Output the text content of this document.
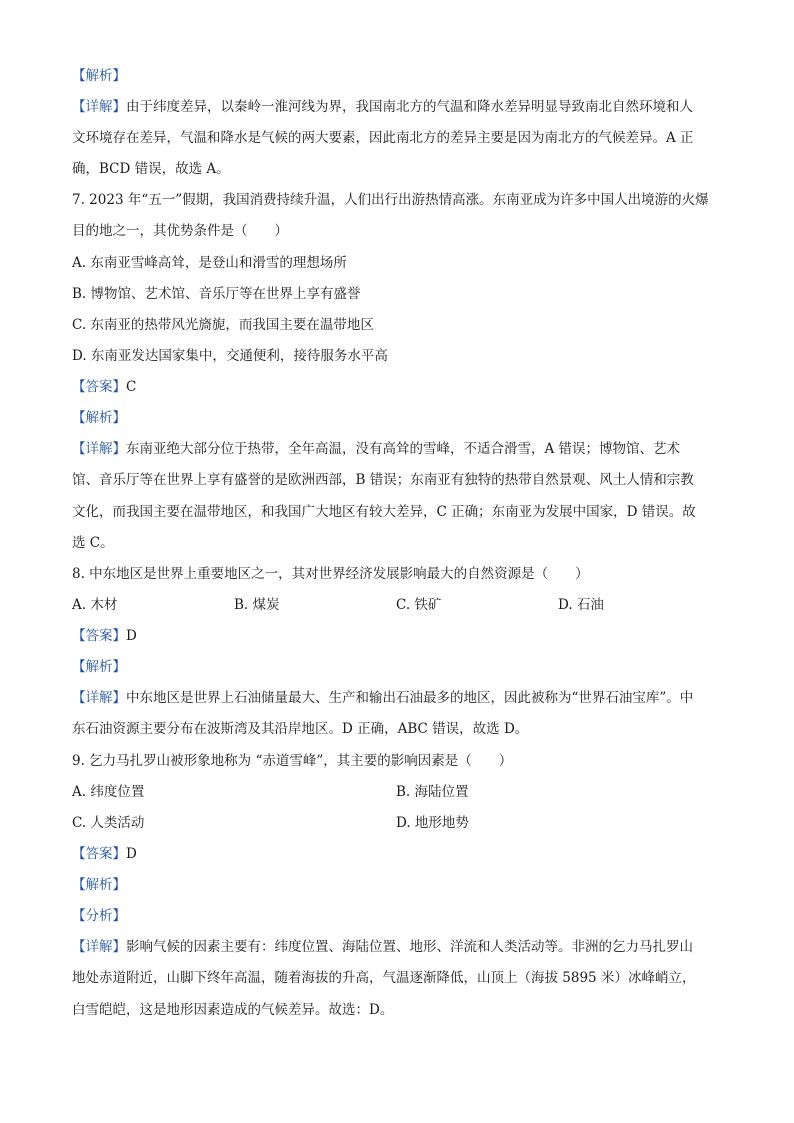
【解析】
【详解】由于纬度差异，以秦岭一淮河线为界，我国南北方的气温和降水差异明显导致南北自然环境和人
文环境存在差异，气温和降水是气候的两大要素，因此南北方的差异主要是因为南北方的气候差异。A 正
确，BCD 错误，故选 A。
7. 2023 年“五一”假期，我国消费持续升温，人们出行出游热情高涨。东南亚成为许多中国人出境游的火爆
目的地之一，其优势条件是（　　）
A. 东南亚雪峰高耸，是登山和滑雪的理想场所
B. 博物馆、艺术馆、音乐厅等在世界上享有盛誉
C. 东南亚的热带风光旖旎，而我国主要在温带地区
D. 东南亚发达国家集中，交通便利，接待服务水平高
【答案】C
【解析】
【详解】东南亚绝大部分位于热带，全年高温，没有高耸的雪峰，不适合滑雪，A 错误；博物馆、艺术
馆、音乐厅等在世界上享有盛誉的是欧洲西部，B 错误；东南亚有独特的热带自然景观、风土人情和宗教
文化，而我国主要在温带地区，和我国广大地区有较大差异，C 正确；东南亚为发展中国家，D 错误。故
选 C。
8. 中东地区是世界上重要地区之一，其对世界经济发展影响最大的自然资源是（　　）
A. 木材	B. 煤炭	C. 铁矿	D. 石油
【答案】D
【解析】
【详解】中东地区是世界上石油储量最大、生产和输出石油最多的地区，因此被称为“世界石油宝库”。中
东石油资源主要分布在波斯湾及其沿岸地区。D 正确，ABC 错误，故选 D。
9. 乞力马扎罗山被形象地称为 “赤道雪峰”，其主要的影响因素是（　　）
A. 纬度位置	B. 海陆位置
C. 人类活动	D. 地形地势
【答案】D
【解析】
【分析】
【详解】影响气候的因素主要有：纬度位置、海陆位置、地形、洋流和人类活动等。非洲的乞力马扎罗山
地处赤道附近，山脚下终年高温，随着海拔的升高，气温逐渐降低，山顶上（海拔 5895 米）冰峰峭立，
白雪皑皑，这是地形因素造成的气候差异。故选：D。
